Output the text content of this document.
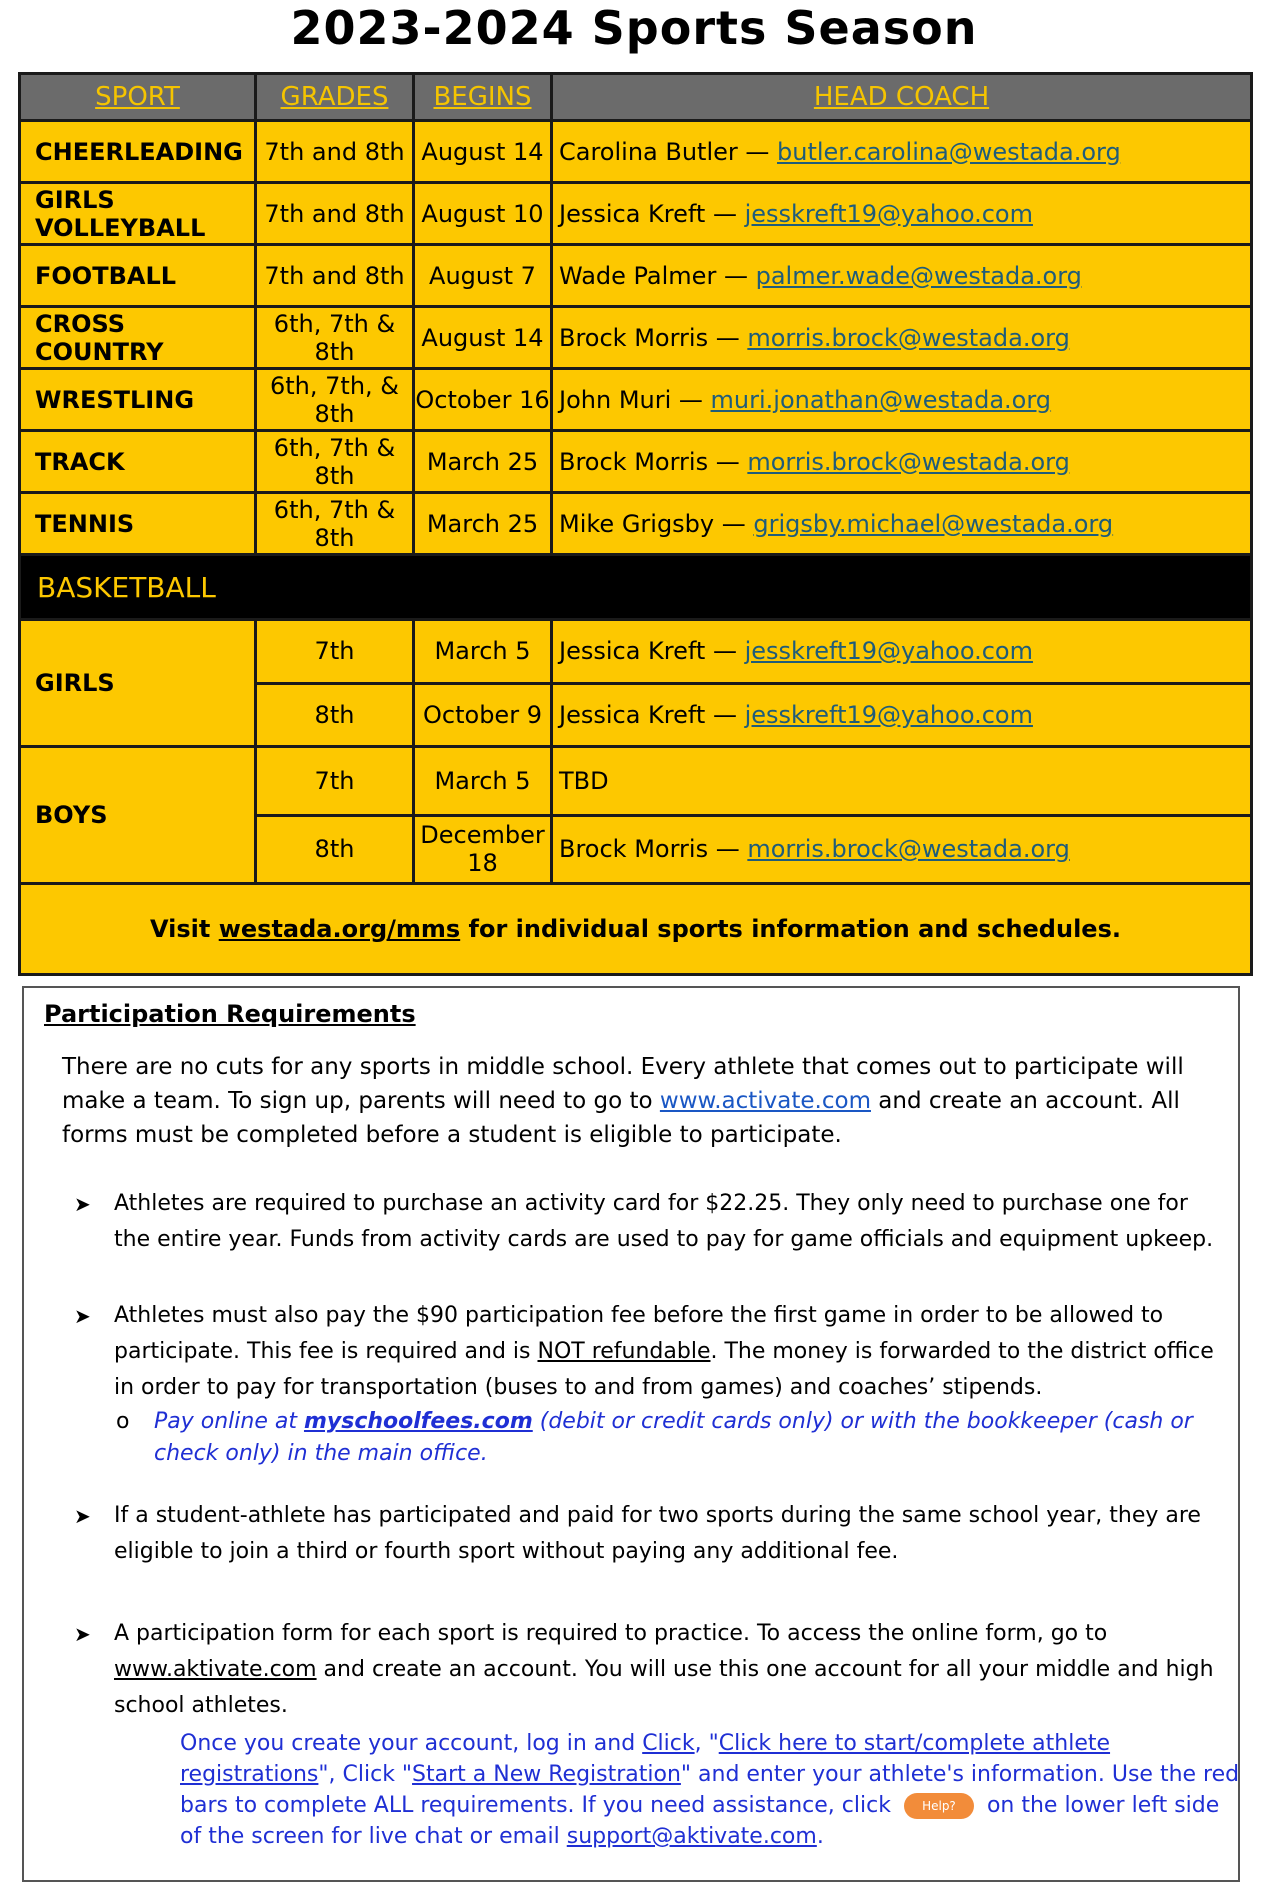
2023-2024 Sports Season
SPORT	GRADES	BEGINS	HEAD COACH
CHEERLEADING	7th and 8th	August 14	Carolina Butler — butler.carolina@westada.org
GIRLS VOLLEYBALL	7th and 8th	August 10	Jessica Kreft — jesskreft19@yahoo.com
FOOTBALL	7th and 8th	August 7	Wade Palmer — palmer.wade@westada.org
CROSS COUNTRY	6th, 7th & 8th	August 14	Brock Morris — morris.brock@westada.org
WRESTLING	6th, 7th, & 8th	October 16	John Muri — muri.jonathan@westada.org
TRACK	6th, 7th & 8th	March 25	Brock Morris — morris.brock@westada.org
TENNIS	6th, 7th & 8th	March 25	Mike Grigsby — grigsby.michael@westada.org
BASKETBALL			
GIRLS	7th	March 5	Jessica Kreft — jesskreft19@yahoo.com
	8th	October 9	Jessica Kreft — jesskreft19@yahoo.com
BOYS	7th	March 5	TBD
	8th	December 18	Brock Morris — morris.brock@westada.org
Visit westada.org/mms for individual sports information and schedules.			
Participation Requirements
There are no cuts for any sports in middle school. Every athlete that comes out to participate will make a team. To sign up, parents will need to go to www.activate.com and create an account. All forms must be completed before a student is eligible to participate.
➤ Athletes are required to purchase an activity card for $22.25. They only need to purchase one for the entire year. Funds from activity cards are used to pay for game officials and equipment upkeep.
➤ Athletes must also pay the $90 participation fee before the first game in order to be allowed to participate. This fee is required and is NOT refundable. The money is forwarded to the district office in order to pay for transportation (buses to and from games) and coaches’ stipends.
o Pay online at myschoolfees.com (debit or credit cards only) or with the bookkeeper (cash or check only) in the main office.
➤ If a student-athlete has participated and paid for two sports during the same school year, they are eligible to join a third or fourth sport without paying any additional fee.
➤ A participation form for each sport is required to practice. To access the online form, go to www.aktivate.com and create an account. You will use this one account for all your middle and high school athletes.
Once you create your account, log in and Click, "Click here to start/complete athlete registrations", Click "Start a New Registration" and enter your athlete's information. Use the red bars to complete ALL requirements. If you need assistance, click Help? on the lower left side of the screen for live chat or email support@aktivate.com.
